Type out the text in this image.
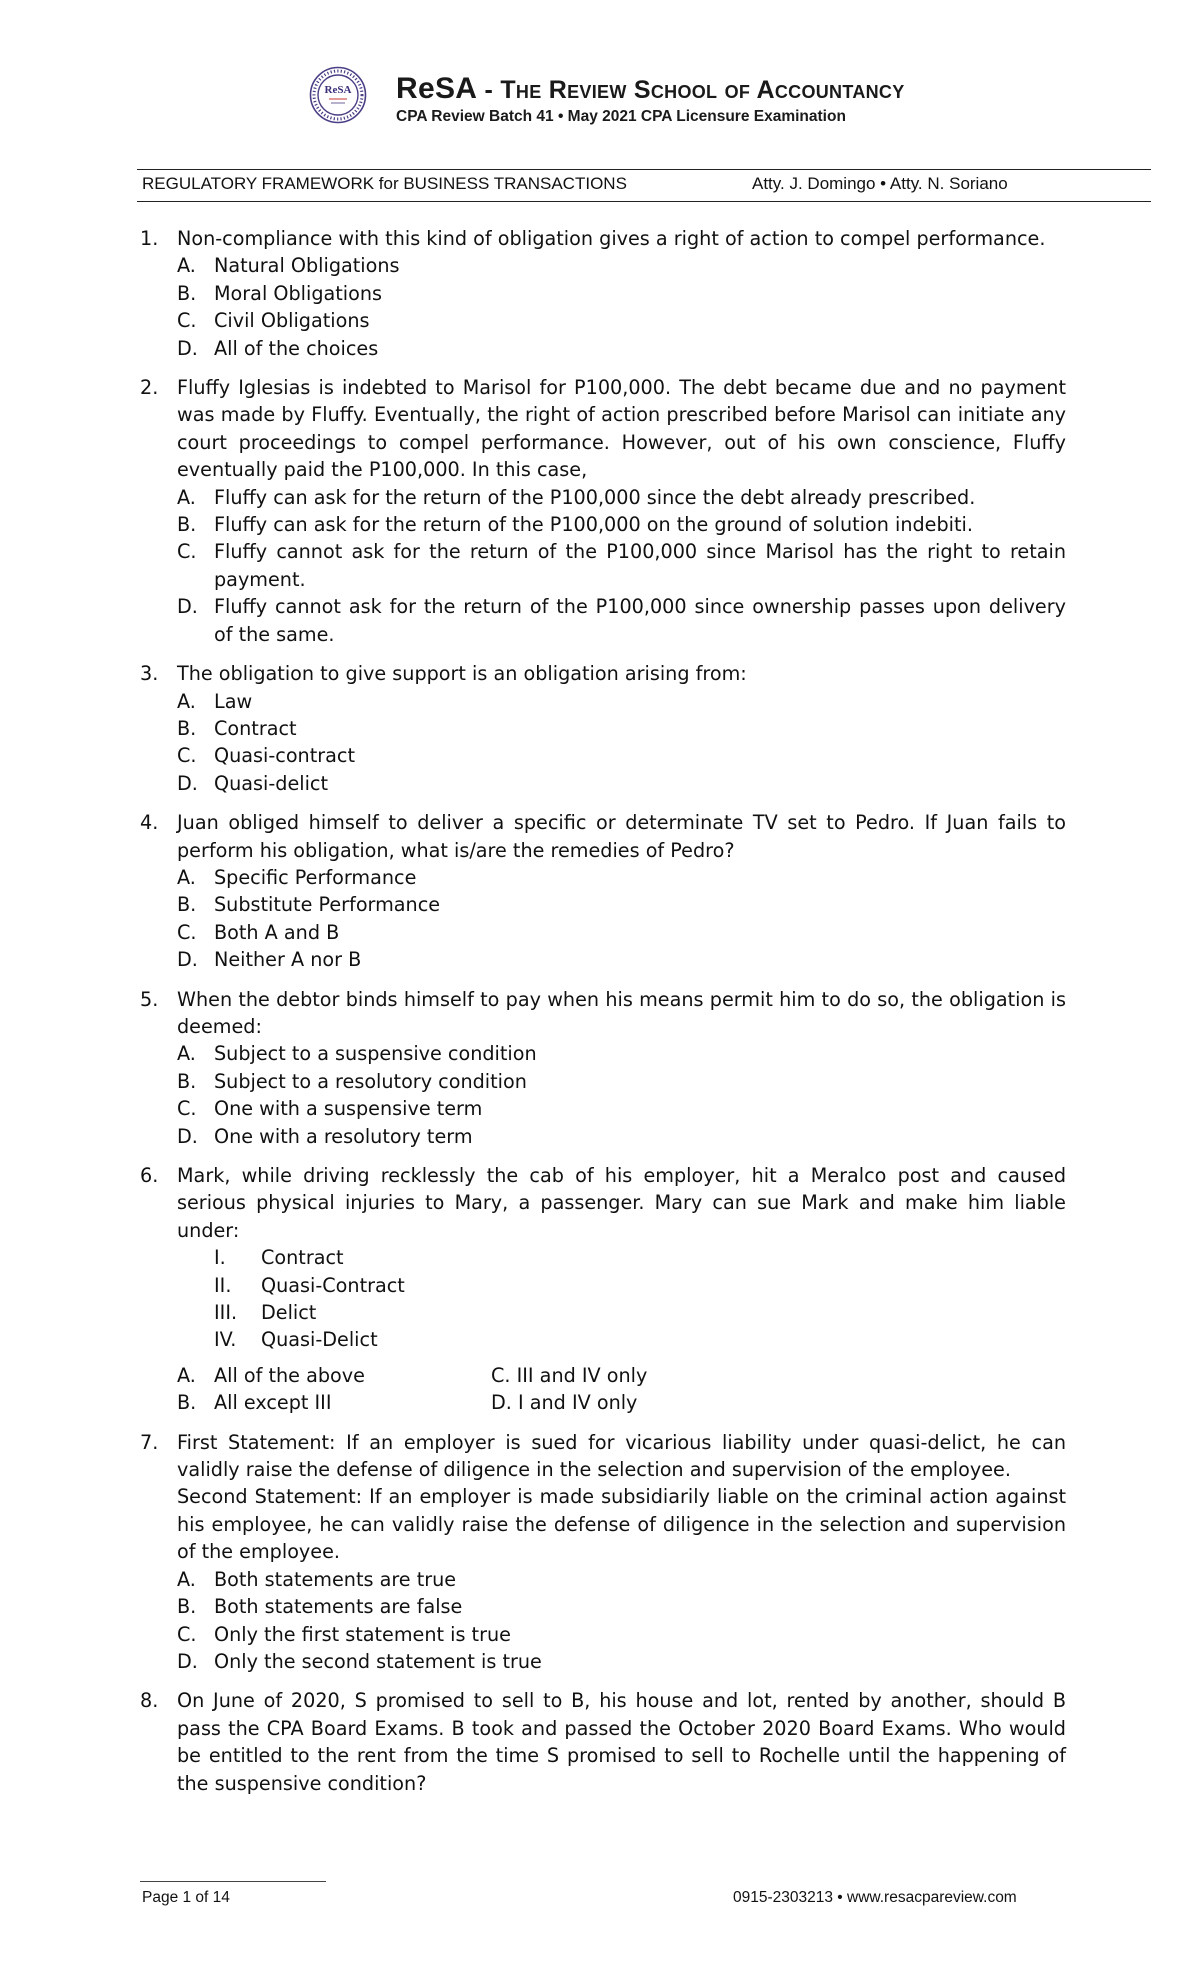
ReSA ReSA - The Review School of Accountancy
CPA Review Batch 41 • May 2021 CPA Licensure Examination
REGULATORY FRAMEWORK for BUSINESS TRANSACTIONS	Atty. J. Domingo • Atty. N. Soriano
1. Non-compliance with this kind of obligation gives a right of action to compel performance.
A. Natural Obligations
B. Moral Obligations
C. Civil Obligations
D. All of the choices
2. Fluffy Iglesias is indebted to Marisol for P100,000. The debt became due and no payment was made by Fluffy. Eventually, the right of action prescribed before Marisol can initiate any court proceedings to compel performance. However, out of his own conscience, Fluffy eventually paid the P100,000. In this case,
A. Fluffy can ask for the return of the P100,000 since the debt already prescribed.
B. Fluffy can ask for the return of the P100,000 on the ground of solution indebiti.
C. Fluffy cannot ask for the return of the P100,000 since Marisol has the right to retain payment.
D. Fluffy cannot ask for the return of the P100,000 since ownership passes upon delivery of the same.
3. The obligation to give support is an obligation arising from:
A. Law
B. Contract
C. Quasi-contract
D. Quasi-delict
4. Juan obliged himself to deliver a specific or determinate TV set to Pedro. If Juan fails to perform his obligation, what is/are the remedies of Pedro?
A. Specific Performance
B. Substitute Performance
C. Both A and B
D. Neither A nor B
5. When the debtor binds himself to pay when his means permit him to do so, the obligation is deemed:
A. Subject to a suspensive condition
B. Subject to a resolutory condition
C. One with a suspensive term
D. One with a resolutory term
6. Mark, while driving recklessly the cab of his employer, hit a Meralco post and caused serious physical injuries to Mary, a passenger. Mary can sue Mark and make him liable under:
I.	Contract
II.	Quasi-Contract
III.	Delict
IV.	Quasi-Delict
A. All of the above	C. III and IV only
B. All except III	D. I and IV only
7. First Statement: If an employer is sued for vicarious liability under quasi-delict, he can validly raise the defense of diligence in the selection and supervision of the employee.
Second Statement: If an employer is made subsidiarily liable on the criminal action against his employee, he can validly raise the defense of diligence in the selection and supervision of the employee.
A. Both statements are true
B. Both statements are false
C. Only the first statement is true
D. Only the second statement is true
8. On June of 2020, S promised to sell to B, his house and lot, rented by another, should B pass the CPA Board Exams. B took and passed the October 2020 Board Exams. Who would be entitled to the rent from the time S promised to sell to Rochelle until the happening of the suspensive condition?
Page 1 of 14	0915-2303213 • www.resacpareview.com
